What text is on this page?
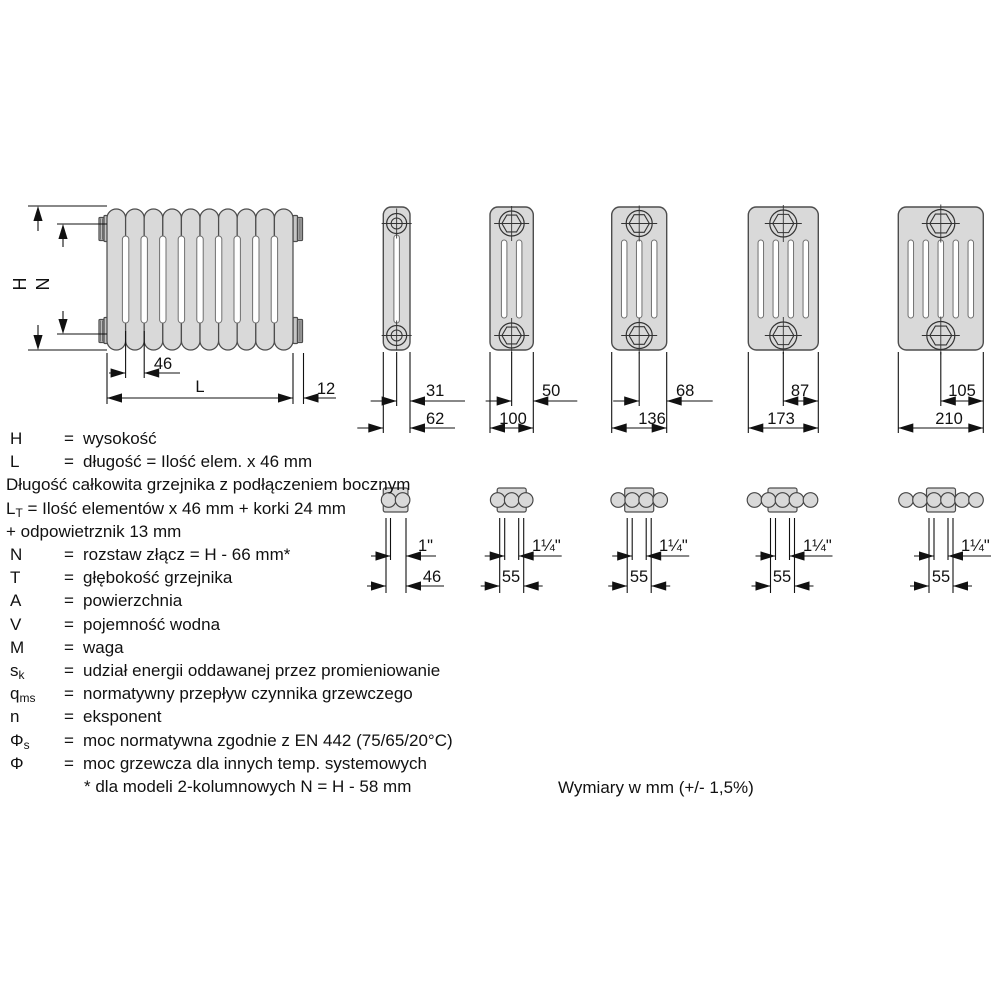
H N
46
L	12	31	50	68	87	105
62	100	136	173	210
1"	1¼"	1¼"	1¼"	1¼"
46	55	55	55	55
H	= wysokość
L	= długość = Ilość elem. x 46 mm
Długość całkowita grzejnika z podłączeniem bocznym
$L_T$ = Ilość elementów x 46 mm + korki 24 mm
+ odpowietrznik 13 mm
N	= rozstaw złącz = H - 66 mm*
T	= głębokość grzejnika
A	= powierzchnia
V	= pojemność wodna
M	= waga
$s_k$	= udział energii oddawanej przez promieniowanie
$q_{ms}$	= normatywny przepływ czynnika grzewczego
n	= eksponent
$\Phi_s$	= moc normatywna zgodnie z EN 442 (75/65/20°C)
Φ	= moc grzewcza dla innych temp. systemowych
* dla modeli 2-kolumnowych N = H - 58 mm	Wymiary w mm (+/- 1,5%)
